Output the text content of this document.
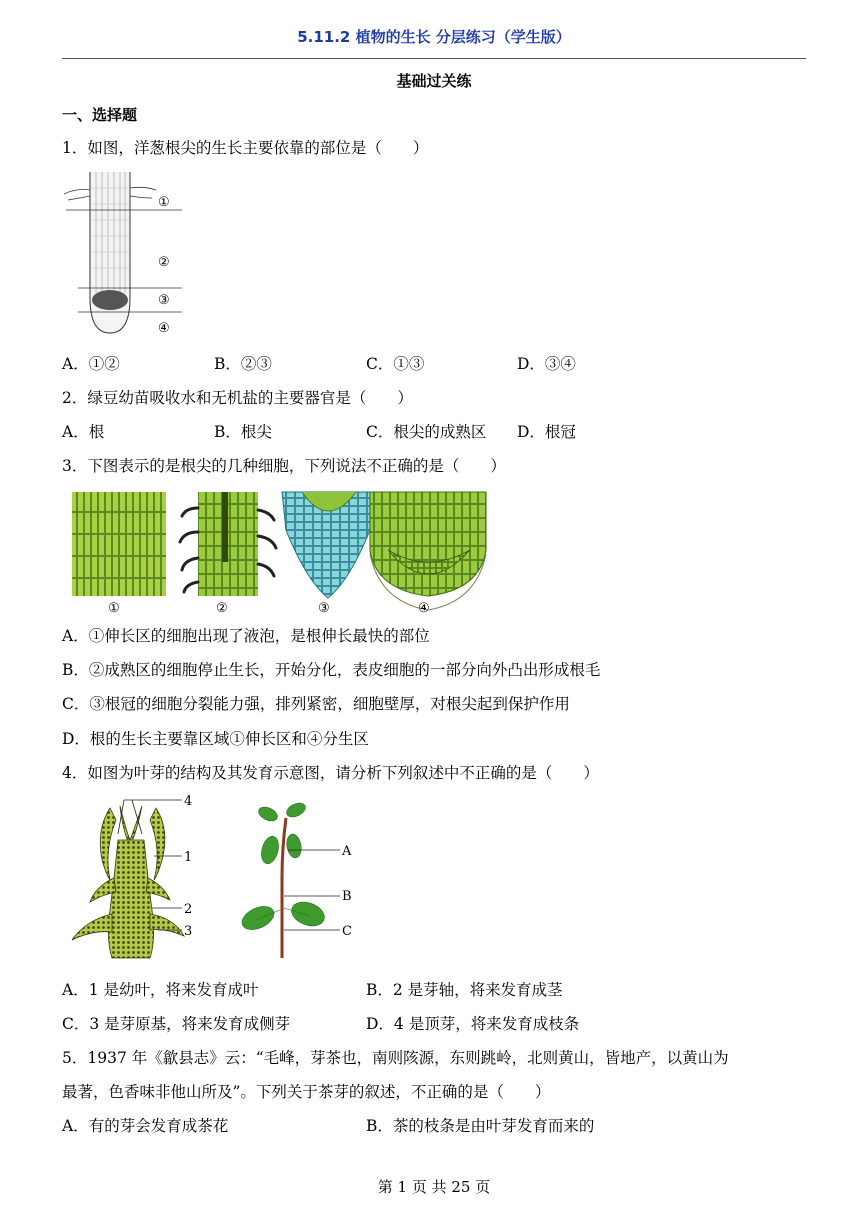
5.11.2 植物的生长 分层练习（学生版）
基础过关练
一、选择题
1．如图，洋葱根尖的生长主要依靠的部位是（　　）
①
②
③
④
A．①②	B．②③	C．①③	D．③④
2．绿豆幼苗吸收水和无机盐的主要器官是（　　）
A．根	B．根尖	C．根尖的成熟区 D．根冠
3．下图表示的是根尖的几种细胞，下列说法不正确的是（　　）
①	②	③	④
A．①伸长区的细胞出现了液泡，是根伸长最快的部位
B．②成熟区的细胞停止生长，开始分化，表皮细胞的一部分向外凸出形成根毛
C．③根冠的细胞分裂能力强，排列紧密，细胞壁厚，对根尖起到保护作用
D．根的生长主要靠区域①伸长区和④分生区
4．如图为叶芽的结构及其发育示意图，请分析下列叙述中不正确的是（　　）
4
1
2
3
A
B
C
A．1 是幼叶，将来发育成叶	B．2 是芽轴，将来发育成茎
C．3 是芽原基，将来发育成侧芽	D．4 是顶芽，将来发育成枝条
5．1937 年《歙县志》云：“毛峰，芽茶也，南则陔源，东则跳岭，北则黄山，皆地产，以黄山为
最著，色香味非他山所及”。下列关于茶芽的叙述，不正确的是（　　）
A．有的芽会发育成茶花	B．茶的枝条是由叶芽发育而来的
第 1 页 共 25 页
